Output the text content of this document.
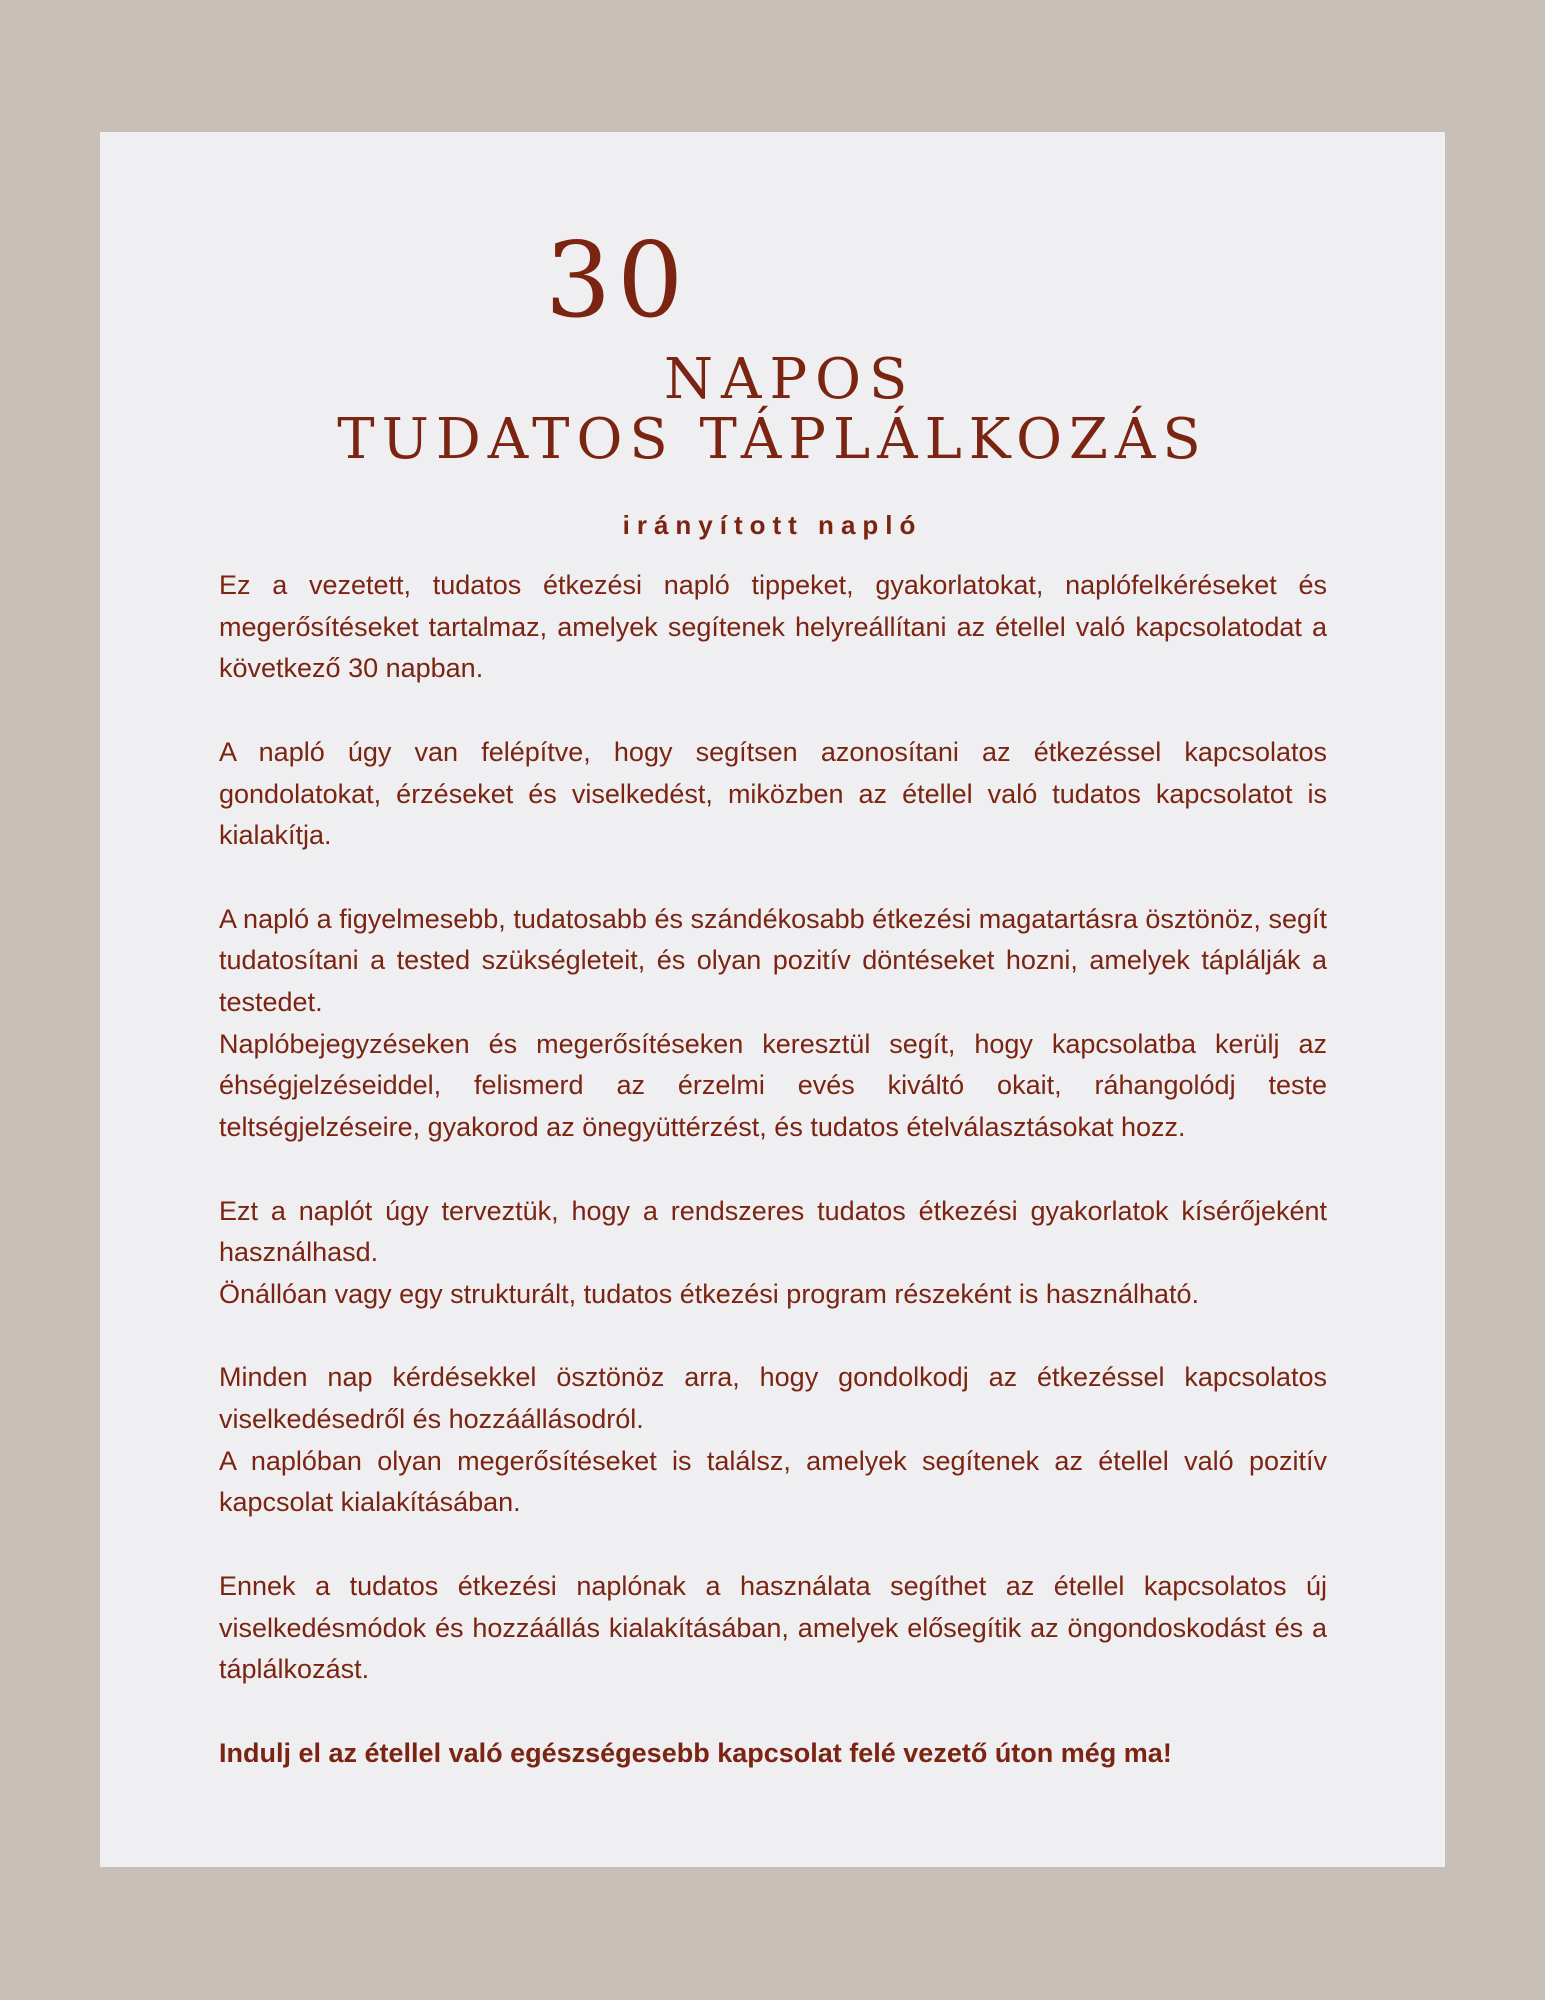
30
NAPOS
TUDATOS TÁPLÁLKOZÁS
irányított napló

Ez a vezetett, tudatos étkezési napló tippeket, gyakorlatokat, naplófelkéréseket és megerősítéseket tartalmaz, amelyek segítenek helyreállítani az étellel való kapcsolatodat a következő 30 napban.

A napló úgy van felépítve, hogy segítsen azonosítani az étkezéssel kapcsolatos gondolatokat, érzéseket és viselkedést, miközben az étellel való tudatos kapcsolatot is kialakítja.

A napló a figyelmesebb, tudatosabb és szándékosabb étkezési magatartásra ösztönöz, segít tudatosítani a tested szükségleteit, és olyan pozitív döntéseket hozni, amelyek táplálják a testedet.

Naplóbejegyzéseken és megerősítéseken keresztül segít, hogy kapcsolatba kerülj az éhségjelzéseiddel, felismerd az érzelmi evés kiváltó okait, ráhangolódj teste teltségjelzéseire, gyakorod az önegyüttérzést, és tudatos ételválasztásokat hozz.

Ezt a naplót úgy terveztük, hogy a rendszeres tudatos étkezési gyakorlatok kísérőjeként használhasd.

Önállóan vagy egy strukturált, tudatos étkezési program részeként is használható.

Minden nap kérdésekkel ösztönöz arra, hogy gondolkodj az étkezéssel kapcsolatos viselkedésedről és hozzáállásodról.

A naplóban olyan megerősítéseket is találsz, amelyek segítenek az étellel való pozitív kapcsolat kialakításában.

Ennek a tudatos étkezési naplónak a használata segíthet az étellel kapcsolatos új viselkedésmódok és hozzáállás kialakításában, amelyek elősegítik az öngondoskodást és a táplálkozást.

Indulj el az étellel való egészségesebb kapcsolat felé vezető úton még ma!
